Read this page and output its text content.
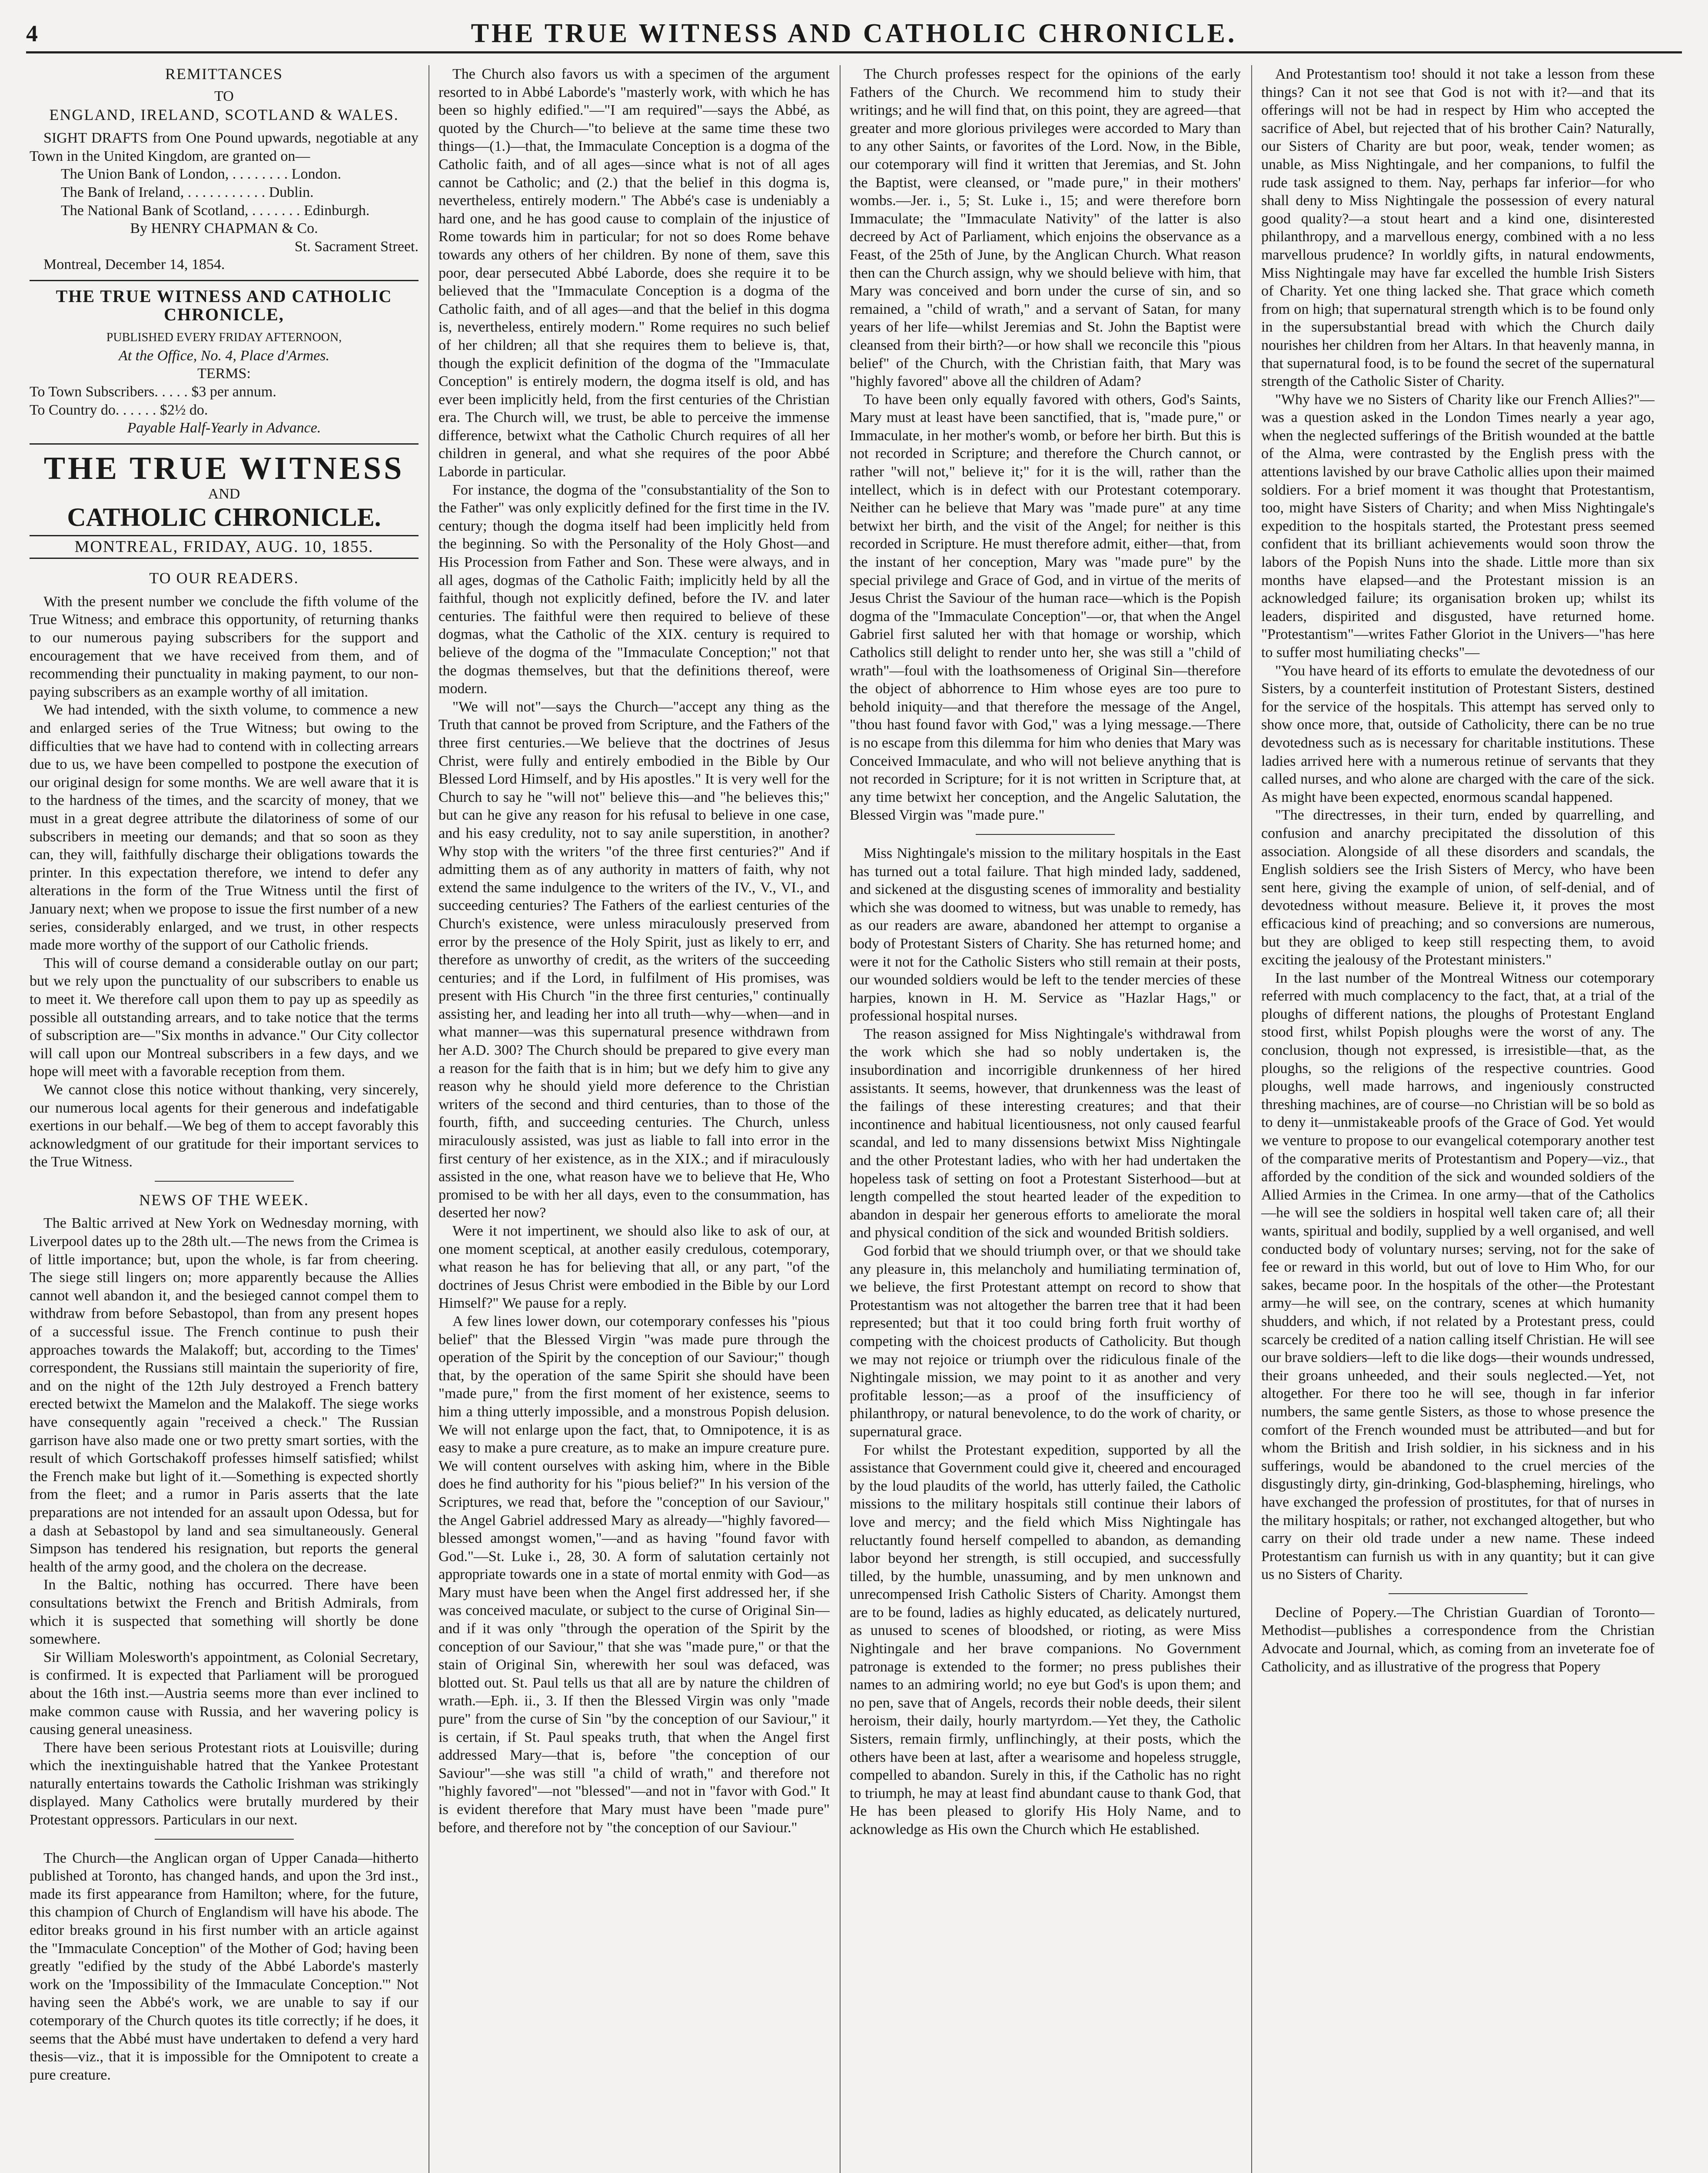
4	THE TRUE WITNESS AND CATHOLIC CHRONICLE.
REMITTANCES
TO
ENGLAND, IRELAND, SCOTLAND & WALES.

SIGHT DRAFTS from One Pound upwards, negotiable at any Town in the United Kingdom, are granted on—

The Union Bank of London, . . . . . . . . London.

The Bank of Ireland, . . . . . . . . . . . Dublin.

The National Bank of Scotland, . . . . . . . Edinburgh.

By HENRY CHAPMAN & Co.

St. Sacrament Street.

Montreal, December 14, 1854.

THE TRUE WITNESS AND CATHOLIC CHRONICLE,

PUBLISHED EVERY FRIDAY AFTERNOON,

At the Office, No. 4, Place d'Armes.

TERMS:

To Town Subscribers. . . . . $3 per annum.

To Country do. . . . . . $2½ do.

Payable Half-Yearly in Advance.

THE TRUE WITNESS
AND
CATHOLIC CHRONICLE.
MONTREAL, FRIDAY, AUG. 10, 1855.
TO OUR READERS.

With the present number we conclude the fifth volume of the True Witness; and embrace this opportunity, of returning thanks to our numerous paying subscribers for the support and encouragement that we have received from them, and of recommending their punctuality in making payment, to our non-paying subscribers as an example worthy of all imitation.

We had intended, with the sixth volume, to commence a new and enlarged series of the True Witness; but owing to the difficulties that we have had to contend with in collecting arrears due to us, we have been compelled to postpone the execution of our original design for some months. We are well aware that it is to the hardness of the times, and the scarcity of money, that we must in a great degree attribute the dilatoriness of some of our subscribers in meeting our demands; and that so soon as they can, they will, faithfully discharge their obligations towards the printer. In this expectation therefore, we intend to defer any alterations in the form of the True Witness until the first of January next; when we propose to issue the first number of a new series, considerably enlarged, and we trust, in other respects made more worthy of the support of our Catholic friends.

This will of course demand a considerable outlay on our part; but we rely upon the punctuality of our subscribers to enable us to meet it. We therefore call upon them to pay up as speedily as possible all outstanding arrears, and to take notice that the terms of subscription are—"Six months in advance." Our City collector will call upon our Montreal subscribers in a few days, and we hope will meet with a favorable reception from them.

We cannot close this notice without thanking, very sincerely, our numerous local agents for their generous and indefatigable exertions in our behalf.—We beg of them to accept favorably this acknowledgment of our gratitude for their important services to the True Witness.

NEWS OF THE WEEK.

The Baltic arrived at New York on Wednesday morning, with Liverpool dates up to the 28th ult.—The news from the Crimea is of little importance; but, upon the whole, is far from cheering. The siege still lingers on; more apparently because the Allies cannot well abandon it, and the besieged cannot compel them to withdraw from before Sebastopol, than from any present hopes of a successful issue. The French continue to push their approaches towards the Malakoff; but, according to the Times' correspondent, the Russians still maintain the superiority of fire, and on the night of the 12th July destroyed a French battery erected betwixt the Mamelon and the Malakoff. The siege works have consequently again "received a check." The Russian garrison have also made one or two pretty smart sorties, with the result of which Gortschakoff professes himself satisfied; whilst the French make but light of it.—Something is expected shortly from the fleet; and a rumor in Paris asserts that the late preparations are not intended for an assault upon Odessa, but for a dash at Sebastopol by land and sea simultaneously. General Simpson has tendered his resignation, but reports the general health of the army good, and the cholera on the decrease.

In the Baltic, nothing has occurred. There have been consultations betwixt the French and British Admirals, from which it is suspected that something will shortly be done somewhere.

Sir William Molesworth's appointment, as Colonial Secretary, is confirmed. It is expected that Parliament will be prorogued about the 16th inst.—Austria seems more than ever inclined to make common cause with Russia, and her wavering policy is causing general uneasiness.

There have been serious Protestant riots at Louisville; during which the inextinguishable hatred that the Yankee Protestant naturally entertains towards the Catholic Irishman was strikingly displayed. Many Catholics were brutally murdered by their Protestant oppressors. Particulars in our next.

The Church—the Anglican organ of Upper Canada—hitherto published at Toronto, has changed hands, and upon the 3rd inst., made its first appearance from Hamilton; where, for the future, this champion of Church of Englandism will have his abode. The editor breaks ground in his first number with an article against the "Immaculate Conception" of the Mother of God; having been greatly "edified by the study of the Abbé Laborde's masterly work on the 'Impossibility of the Immaculate Conception.'" Not having seen the Abbé's work, we are unable to say if our cotemporary of the Church quotes its title correctly; if he does, it seems that the Abbé must have undertaken to defend a very hard thesis—viz., that it is impossible for the Omnipotent to create a pure creature.

The Church also favors us with a specimen of the argument resorted to in Abbé Laborde's "masterly work, with which he has been so highly edified."—"I am required"—says the Abbé, as quoted by the Church—"to believe at the same time these two things—(1.)—that, the Immaculate Conception is a dogma of the Catholic faith, and of all ages—since what is not of all ages cannot be Catholic; and (2.) that the belief in this dogma is, nevertheless, entirely modern." The Abbé's case is undeniably a hard one, and he has good cause to complain of the injustice of Rome towards him in particular; for not so does Rome behave towards any others of her children. By none of them, save this poor, dear persecuted Abbé Laborde, does she require it to be believed that the "Immaculate Conception is a dogma of the Catholic faith, and of all ages—and that the belief in this dogma is, nevertheless, entirely modern." Rome requires no such belief of her children; all that she requires them to believe is, that, though the explicit definition of the dogma of the "Immaculate Conception" is entirely modern, the dogma itself is old, and has ever been implicitly held, from the first centuries of the Christian era. The Church will, we trust, be able to perceive the immense difference, betwixt what the Catholic Church requires of all her children in general, and what she requires of the poor Abbé Laborde in particular.

For instance, the dogma of the "consubstantiality of the Son to the Father" was only explicitly defined for the first time in the IV. century; though the dogma itself had been implicitly held from the beginning. So with the Personality of the Holy Ghost—and His Procession from Father and Son. These were always, and in all ages, dogmas of the Catholic Faith; implicitly held by all the faithful, though not explicitly defined, before the IV. and later centuries. The faithful were then required to believe of these dogmas, what the Catholic of the XIX. century is required to believe of the dogma of the "Immaculate Conception;" not that the dogmas themselves, but that the definitions thereof, were modern.

"We will not"—says the Church—"accept any thing as the Truth that cannot be proved from Scripture, and the Fathers of the three first centuries.—We believe that the doctrines of Jesus Christ, were fully and entirely embodied in the Bible by Our Blessed Lord Himself, and by His apostles." It is very well for the Church to say he "will not" believe this—and "he believes this;" but can he give any reason for his refusal to believe in one case, and his easy credulity, not to say anile superstition, in another? Why stop with the writers "of the three first centuries?" And if admitting them as of any authority in matters of faith, why not extend the same indulgence to the writers of the IV., V., VI., and succeeding centuries? The Fathers of the earliest centuries of the Church's existence, were unless miraculously preserved from error by the presence of the Holy Spirit, just as likely to err, and therefore as unworthy of credit, as the writers of the succeeding centuries; and if the Lord, in fulfilment of His promises, was present with His Church "in the three first centuries," continually assisting her, and leading her into all truth—why—when—and in what manner—was this supernatural presence withdrawn from her A.D. 300? The Church should be prepared to give every man a reason for the faith that is in him; but we defy him to give any reason why he should yield more deference to the Christian writers of the second and third centuries, than to those of the fourth, fifth, and succeeding centuries. The Church, unless miraculously assisted, was just as liable to fall into error in the first century of her existence, as in the XIX.; and if miraculously assisted in the one, what reason have we to believe that He, Who promised to be with her all days, even to the consummation, has deserted her now?

Were it not impertinent, we should also like to ask of our, at one moment sceptical, at another easily credulous, cotemporary, what reason he has for believing that all, or any part, "of the doctrines of Jesus Christ were embodied in the Bible by our Lord Himself?" We pause for a reply.

A few lines lower down, our cotemporary confesses his "pious belief" that the Blessed Virgin "was made pure through the operation of the Spirit by the conception of our Saviour;" though that, by the operation of the same Spirit she should have been "made pure," from the first moment of her existence, seems to him a thing utterly impossible, and a monstrous Popish delusion. We will not enlarge upon the fact, that, to Omnipotence, it is as easy to make a pure creature, as to make an impure creature pure. We will content ourselves with asking him, where in the Bible does he find authority for his "pious belief?" In his version of the Scriptures, we read that, before the "conception of our Saviour," the Angel Gabriel addressed Mary as already—"highly favored—blessed amongst women,"—and as having "found favor with God."—St. Luke i., 28, 30. A form of salutation certainly not appropriate towards one in a state of mortal enmity with God—as Mary must have been when the Angel first addressed her, if she was conceived maculate, or subject to the curse of Original Sin—and if it was only "through the operation of the Spirit by the conception of our Saviour," that she was "made pure," or that the stain of Original Sin, wherewith her soul was defaced, was blotted out. St. Paul tells us that all are by nature the children of wrath.—Eph. ii., 3. If then the Blessed Virgin was only "made pure" from the curse of Sin "by the conception of our Saviour," it is certain, if St. Paul speaks truth, that when the Angel first addressed Mary—that is, before "the conception of our Saviour"—she was still "a child of wrath," and therefore not "highly favored"—not "blessed"—and not in "favor with God." It is evident therefore that Mary must have been "made pure" before, and therefore not by "the conception of our Saviour."

The Church professes respect for the opinions of the early Fathers of the Church. We recommend him to study their writings; and he will find that, on this point, they are agreed—that greater and more glorious privileges were accorded to Mary than to any other Saints, or favorites of the Lord. Now, in the Bible, our cotemporary will find it written that Jeremias, and St. John the Baptist, were cleansed, or "made pure," in their mothers' wombs.—Jer. i., 5; St. Luke i., 15; and were therefore born Immaculate; the "Immaculate Nativity" of the latter is also decreed by Act of Parliament, which enjoins the observance as a Feast, of the 25th of June, by the Anglican Church. What reason then can the Church assign, why we should believe with him, that Mary was conceived and born under the curse of sin, and so remained, a "child of wrath," and a servant of Satan, for many years of her life—whilst Jeremias and St. John the Baptist were cleansed from their birth?—or how shall we reconcile this "pious belief" of the Church, with the Christian faith, that Mary was "highly favored" above all the children of Adam?

To have been only equally favored with others, God's Saints, Mary must at least have been sanctified, that is, "made pure," or Immaculate, in her mother's womb, or before her birth. But this is not recorded in Scripture; and therefore the Church cannot, or rather "will not," believe it;" for it is the will, rather than the intellect, which is in defect with our Protestant cotemporary. Neither can he believe that Mary was "made pure" at any time betwixt her birth, and the visit of the Angel; for neither is this recorded in Scripture. He must therefore admit, either—that, from the instant of her conception, Mary was "made pure" by the special privilege and Grace of God, and in virtue of the merits of Jesus Christ the Saviour of the human race—which is the Popish dogma of the "Immaculate Conception"—or, that when the Angel Gabriel first saluted her with that homage or worship, which Catholics still delight to render unto her, she was still a "child of wrath"—foul with the loathsomeness of Original Sin—therefore the object of abhorrence to Him whose eyes are too pure to behold iniquity—and that therefore the message of the Angel, "thou hast found favor with God," was a lying message.—There is no escape from this dilemma for him who denies that Mary was Conceived Immaculate, and who will not believe anything that is not recorded in Scripture; for it is not written in Scripture that, at any time betwixt her conception, and the Angelic Salutation, the Blessed Virgin was "made pure."

Miss Nightingale's mission to the military hospitals in the East has turned out a total failure. That high minded lady, saddened, and sickened at the disgusting scenes of immorality and bestiality which she was doomed to witness, but was unable to remedy, has as our readers are aware, abandoned her attempt to organise a body of Protestant Sisters of Charity. She has returned home; and were it not for the Catholic Sisters who still remain at their posts, our wounded soldiers would be left to the tender mercies of these harpies, known in H. M. Service as "Hazlar Hags," or professional hospital nurses.

The reason assigned for Miss Nightingale's withdrawal from the work which she had so nobly undertaken is, the insubordination and incorrigible drunkenness of her hired assistants. It seems, however, that drunkenness was the least of the failings of these interesting creatures; and that their incontinence and habitual licentiousness, not only caused fearful scandal, and led to many dissensions betwixt Miss Nightingale and the other Protestant ladies, who with her had undertaken the hopeless task of setting on foot a Protestant Sisterhood—but at length compelled the stout hearted leader of the expedition to abandon in despair her generous efforts to ameliorate the moral and physical condition of the sick and wounded British soldiers.

God forbid that we should triumph over, or that we should take any pleasure in, this melancholy and humiliating termination of, we believe, the first Protestant attempt on record to show that Protestantism was not altogether the barren tree that it had been represented; but that it too could bring forth fruit worthy of competing with the choicest products of Catholicity. But though we may not rejoice or triumph over the ridiculous finale of the Nightingale mission, we may point to it as another and very profitable lesson;—as a proof of the insufficiency of philanthropy, or natural benevolence, to do the work of charity, or supernatural grace.

For whilst the Protestant expedition, supported by all the assistance that Government could give it, cheered and encouraged by the loud plaudits of the world, has utterly failed, the Catholic missions to the military hospitals still continue their labors of love and mercy; and the field which Miss Nightingale has reluctantly found herself compelled to abandon, as demanding labor beyond her strength, is still occupied, and successfully tilled, by the humble, unassuming, and by men unknown and unrecompensed Irish Catholic Sisters of Charity. Amongst them are to be found, ladies as highly educated, as delicately nurtured, as unused to scenes of bloodshed, or rioting, as were Miss Nightingale and her brave companions. No Government patronage is extended to the former; no press publishes their names to an admiring world; no eye but God's is upon them; and no pen, save that of Angels, records their noble deeds, their silent heroism, their daily, hourly martyrdom.—Yet they, the Catholic Sisters, remain firmly, unflinchingly, at their posts, which the others have been at last, after a wearisome and hopeless struggle, compelled to abandon. Surely in this, if the Catholic has no right to triumph, he may at least find abundant cause to thank God, that He has been pleased to glorify His Holy Name, and to acknowledge as His own the Church which He established.

And Protestantism too! should it not take a lesson from these things? Can it not see that God is not with it?—and that its offerings will not be had in respect by Him who accepted the sacrifice of Abel, but rejected that of his brother Cain? Naturally, our Sisters of Charity are but poor, weak, tender women; as unable, as Miss Nightingale, and her companions, to fulfil the rude task assigned to them. Nay, perhaps far inferior—for who shall deny to Miss Nightingale the possession of every natural good quality?—a stout heart and a kind one, disinterested philanthropy, and a marvellous energy, combined with a no less marvellous prudence? In worldly gifts, in natural endowments, Miss Nightingale may have far excelled the humble Irish Sisters of Charity. Yet one thing lacked she. That grace which cometh from on high; that supernatural strength which is to be found only in the supersubstantial bread with which the Church daily nourishes her children from her Altars. In that heavenly manna, in that supernatural food, is to be found the secret of the supernatural strength of the Catholic Sister of Charity.

"Why have we no Sisters of Charity like our French Allies?"—was a question asked in the London Times nearly a year ago, when the neglected sufferings of the British wounded at the battle of the Alma, were contrasted by the English press with the attentions lavished by our brave Catholic allies upon their maimed soldiers. For a brief moment it was thought that Protestantism, too, might have Sisters of Charity; and when Miss Nightingale's expedition to the hospitals started, the Protestant press seemed confident that its brilliant achievements would soon throw the labors of the Popish Nuns into the shade. Little more than six months have elapsed—and the Protestant mission is an acknowledged failure; its organisation broken up; whilst its leaders, dispirited and disgusted, have returned home. "Protestantism"—writes Father Gloriot in the Univers—"has here to suffer most humiliating checks"—

"You have heard of its efforts to emulate the devotedness of our Sisters, by a counterfeit institution of Protestant Sisters, destined for the service of the hospitals. This attempt has served only to show once more, that, outside of Catholicity, there can be no true devotedness such as is necessary for charitable institutions. These ladies arrived here with a numerous retinue of servants that they called nurses, and who alone are charged with the care of the sick. As might have been expected, enormous scandal happened.

"The directresses, in their turn, ended by quarrelling, and confusion and anarchy precipitated the dissolution of this association. Alongside of all these disorders and scandals, the English soldiers see the Irish Sisters of Mercy, who have been sent here, giving the example of union, of self-denial, and of devotedness without measure. Believe it, it proves the most efficacious kind of preaching; and so conversions are numerous, but they are obliged to keep still respecting them, to avoid exciting the jealousy of the Protestant ministers."

In the last number of the Montreal Witness our cotemporary referred with much complacency to the fact, that, at a trial of the ploughs of different nations, the ploughs of Protestant England stood first, whilst Popish ploughs were the worst of any. The conclusion, though not expressed, is irresistible—that, as the ploughs, so the religions of the respective countries. Good ploughs, well made harrows, and ingeniously constructed threshing machines, are of course—no Christian will be so bold as to deny it—unmistakeable proofs of the Grace of God. Yet would we venture to propose to our evangelical cotemporary another test of the comparative merits of Protestantism and Popery—viz., that afforded by the condition of the sick and wounded soldiers of the Allied Armies in the Crimea. In one army—that of the Catholics—he will see the soldiers in hospital well taken care of; all their wants, spiritual and bodily, supplied by a well organised, and well conducted body of voluntary nurses; serving, not for the sake of fee or reward in this world, but out of love to Him Who, for our sakes, became poor. In the hospitals of the other—the Protestant army—he will see, on the contrary, scenes at which humanity shudders, and which, if not related by a Protestant press, could scarcely be credited of a nation calling itself Christian. He will see our brave soldiers—left to die like dogs—their wounds undressed, their groans unheeded, and their souls neglected.—Yet, not altogether. For there too he will see, though in far inferior numbers, the same gentle Sisters, as those to whose presence the comfort of the French wounded must be attributed—and but for whom the British and Irish soldier, in his sickness and in his sufferings, would be abandoned to the cruel mercies of the disgustingly dirty, gin-drinking, God-blaspheming, hirelings, who have exchanged the profession of prostitutes, for that of nurses in the military hospitals; or rather, not exchanged altogether, but who carry on their old trade under a new name. These indeed Protestantism can furnish us with in any quantity; but it can give us no Sisters of Charity.

Decline of Popery.—The Christian Guardian of Toronto—Methodist—publishes a correspondence from the Christian Advocate and Journal, which, as coming from an inveterate foe of Catholicity, and as illustrative of the progress that Popery
